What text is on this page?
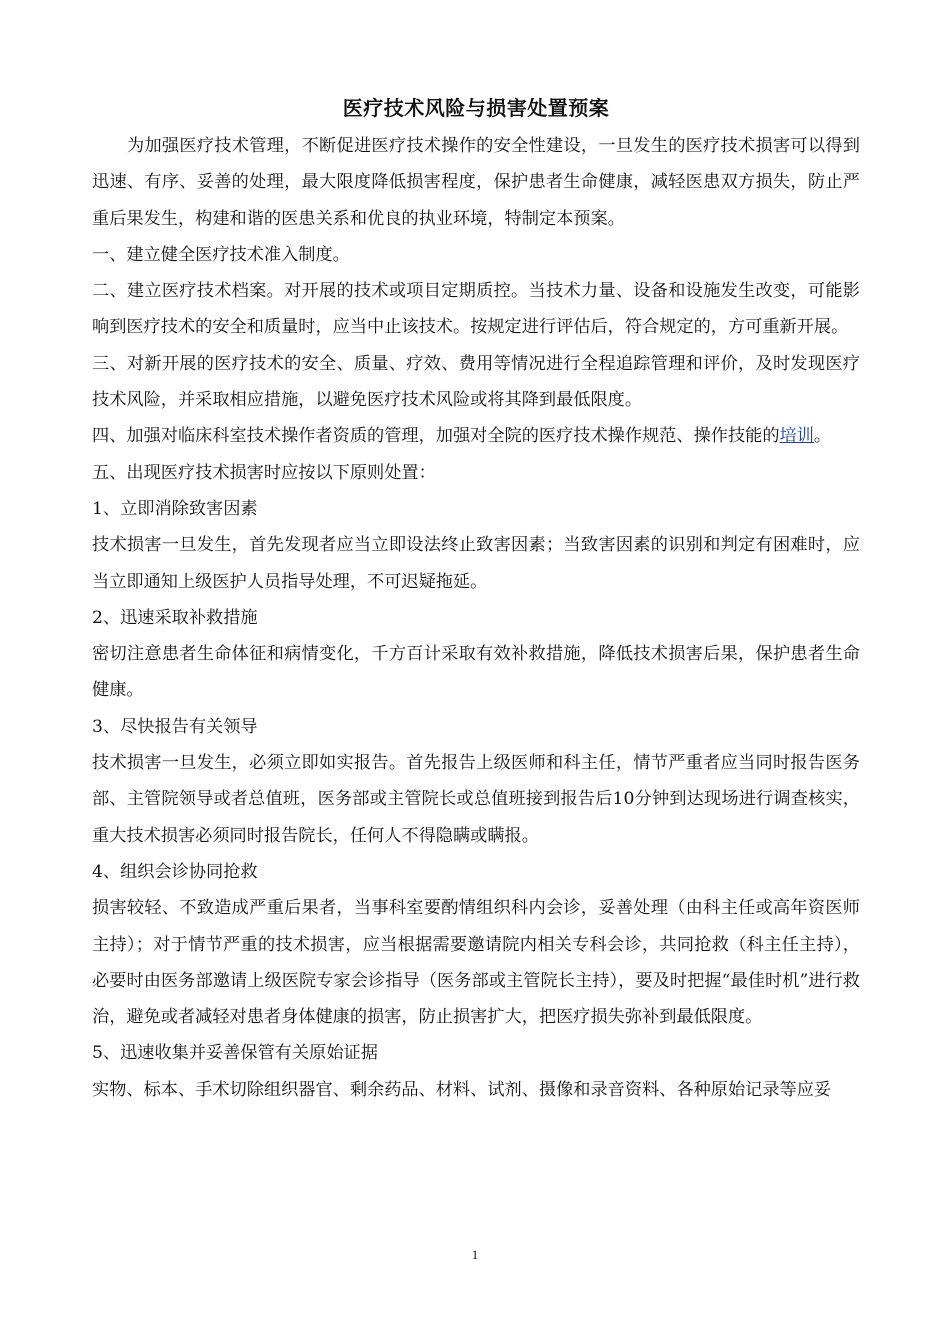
医疗技术风险与损害处置预案

为加强医疗技术管理，不断促进医疗技术操作的安全性建设，一旦发生的医疗技术损害可以得到迅速、有序、妥善的处理，最大限度降低损害程度，保护患者生命健康，减轻医患双方损失，防止严重后果发生，构建和谐的医患关系和优良的执业环境，特制定本预案。

一、建立健全医疗技术准入制度。

二、建立医疗技术档案。对开展的技术或项目定期质控。当技术力量、设备和设施发生改变，可能影响到医疗技术的安全和质量时，应当中止该技术。按规定进行评估后，符合规定的，方可重新开展。

三、对新开展的医疗技术的安全、质量、疗效、费用等情况进行全程追踪管理和评价，及时发现医疗技术风险，并采取相应措施，以避免医疗技术风险或将其降到最低限度。

四、加强对临床科室技术操作者资质的管理，加强对全院的医疗技术操作规范、操作技能的培训。

五、出现医疗技术损害时应按以下原则处置：

1、立即消除致害因素

技术损害一旦发生，首先发现者应当立即设法终止致害因素；当致害因素的识别和判定有困难时，应当立即通知上级医护人员指导处理，不可迟疑拖延。

2、迅速采取补救措施

密切注意患者生命体征和病情变化，千方百计采取有效补救措施，降低技术损害后果，保护患者生命健康。

3、尽快报告有关领导

技术损害一旦发生，必须立即如实报告。首先报告上级医师和科主任，情节严重者应当同时报告医务部、主管院领导或者总值班，医务部或主管院长或总值班接到报告后10分钟到达现场进行调查核实，重大技术损害必须同时报告院长，任何人不得隐瞒或瞒报。

4、组织会诊协同抢救

损害较轻、不致造成严重后果者，当事科室要酌情组织科内会诊，妥善处理（由科主任或高年资医师主持）；对于情节严重的技术损害，应当根据需要邀请院内相关专科会诊，共同抢救（科主任主持），必要时由医务部邀请上级医院专家会诊指导（医务部或主管院长主持），要及时把握“最佳时机”进行救治，避免或者减轻对患者身体健康的损害，防止损害扩大，把医疗损失弥补到最低限度。

5、迅速收集并妥善保管有关原始证据

实物、标本、手术切除组织器官、剩余药品、材料、试剂、摄像和录音资料、各种原始记录等应妥

1
